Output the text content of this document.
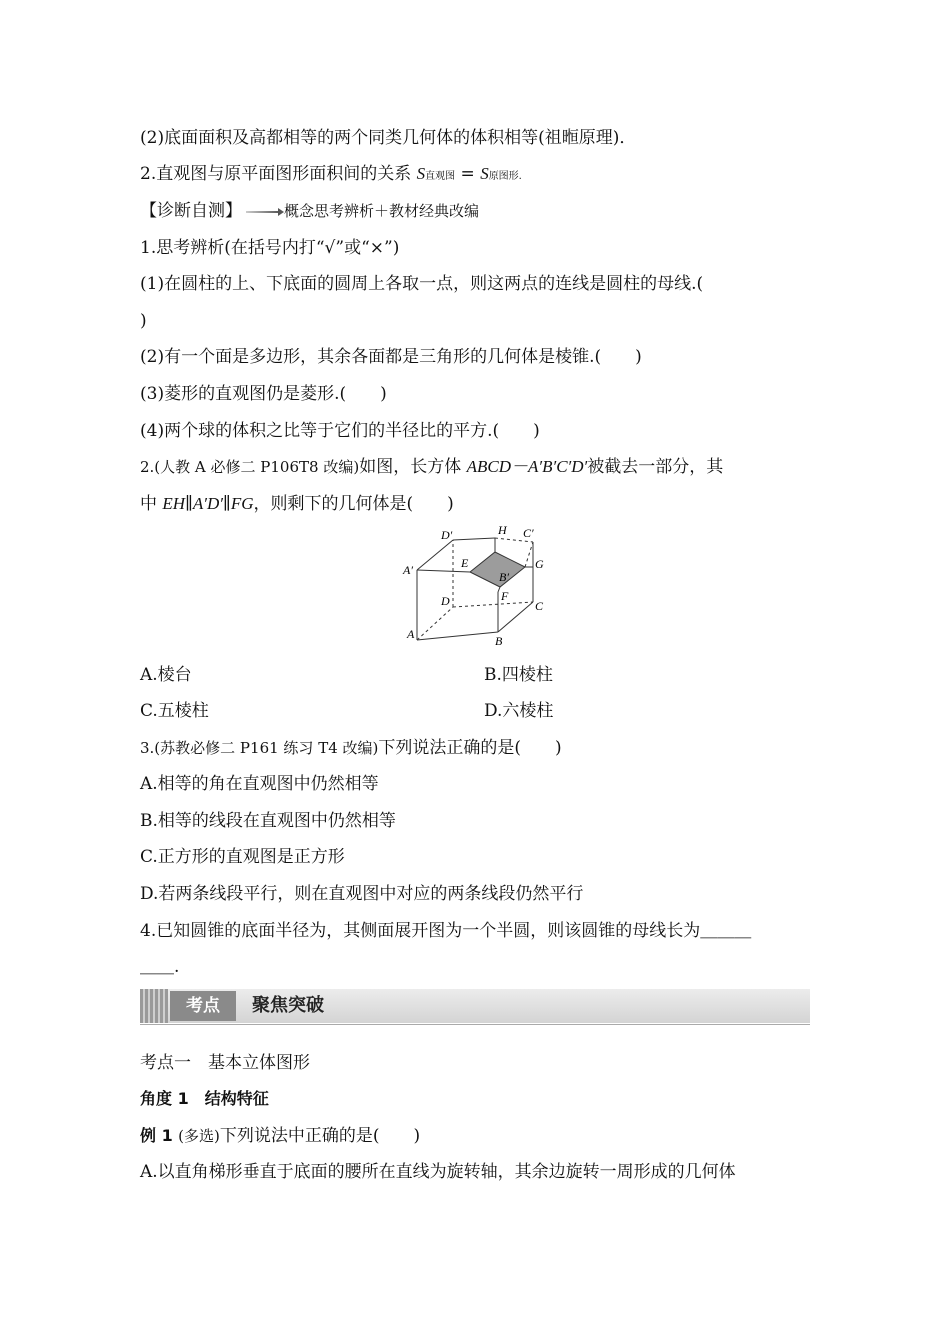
(2)底面面积及高都相等的两个同类几何体的体积相等(祖暅原理)．
2.直观图与原平面图形面积间的关系 S直观图 = S原图形.
【诊断自测】	概念思考辨析＋教材经典改编
1.思考辨析(在括号内打“√”或“×”)
(1)在圆柱的上、下底面的圆周上各取一点，则这两点的连线是圆柱的母线.(
)
(2)有一个面是多边形，其余各面都是三角形的几何体是棱锥.(　　)
(3)菱形的直观图仍是菱形.(　　)
(4)两个球的体积之比等于它们的半径比的平方.(　　)
2.(人教 A 必修二 P106T8 改编)如图，长方体 ABCD－A′B′C′D′被截去一部分，其
中 EH∥A′D′∥FG，则剩下的几何体是(　　)
D′	H C′
A′	E
B′
G
D	F
C
A	B
A.棱台	B.四棱柱
C.五棱柱	D.六棱柱
3.(苏教必修二 P161 练习 T4 改编)下列说法正确的是(　　)
A.相等的角在直观图中仍然相等
B.相等的线段在直观图中仍然相等
C.正方形的直观图是正方形
D.若两条线段平行，则在直观图中对应的两条线段仍然平行
4.已知圆锥的底面半径为，其侧面展开图为一个半圆，则该圆锥的母线长为＿＿＿
＿＿.
考点	聚焦突破
考点一　基本立体图形
角度 1　结构特征
例 1 (多选)下列说法中正确的是(　　)
A.以直角梯形垂直于底面的腰所在直线为旋转轴，其余边旋转一周形成的几何体
